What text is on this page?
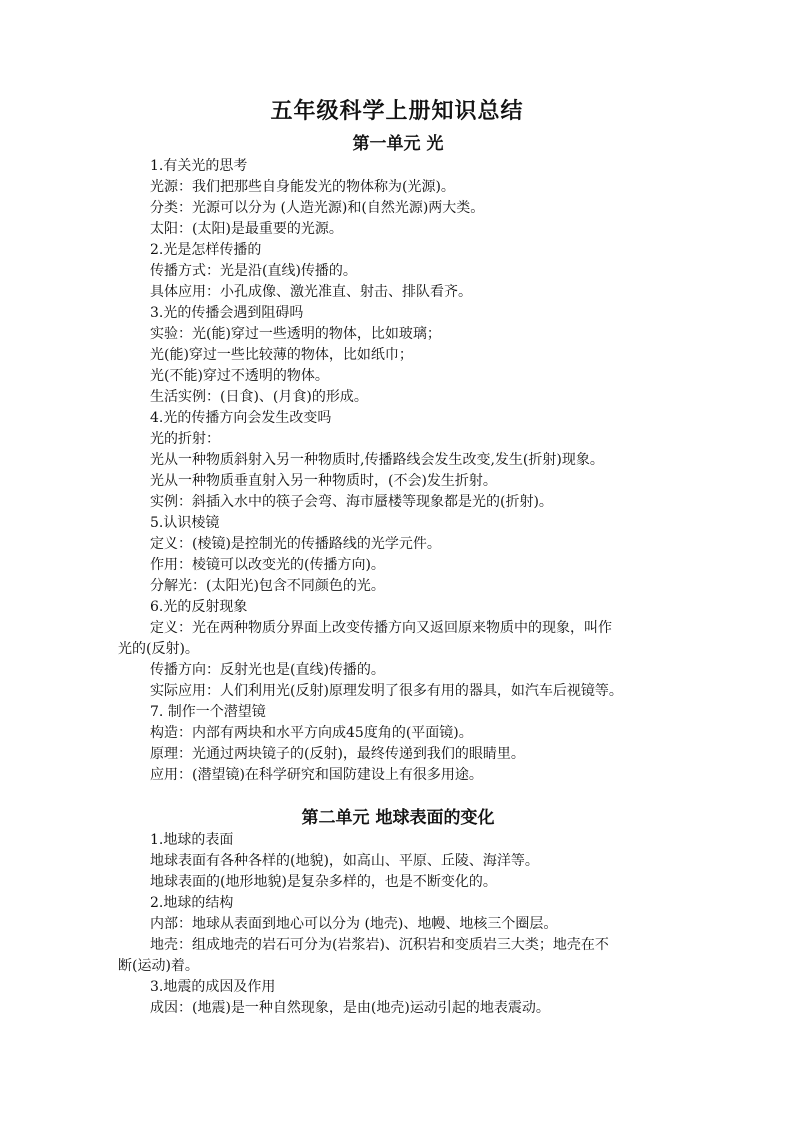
五年级科学上册知识总结
第一单元 光
1.有关光的思考
光源：我们把那些自身能发光的物体称为(光源)。
分类：光源可以分为 (人造光源)和(自然光源)两大类。
太阳：(太阳)是最重要的光源。
2.光是怎样传播的
传播方式：光是沿(直线)传播的。
具体应用：小孔成像、激光准直、射击、排队看齐。
3.光的传播会遇到阻碍吗
实验：光(能)穿过一些透明的物体，比如玻璃；
光(能)穿过一些比较薄的物体，比如纸巾；
光(不能)穿过不透明的物体。
生活实例：(日食)、(月食)的形成。
4.光的传播方向会发生改变吗
光的折射：
光从一种物质斜射入另一种物质时,传播路线会发生改变,发生(折射)现象。
光从一种物质垂直射入另一种物质时，(不会)发生折射。
实例：斜插入水中的筷子会弯、海市蜃楼等现象都是光的(折射)。
5.认识棱镜
定义：(棱镜)是控制光的传播路线的光学元件。
作用：棱镜可以改变光的(传播方向)。
分解光：(太阳光)包含不同颜色的光。
6.光的反射现象
定义：光在两种物质分界面上改变传播方向又返回原来物质中的现象，叫作
光的(反射)。
传播方向：反射光也是(直线)传播的。
实际应用：人们利用光(反射)原理发明了很多有用的器具，如汽车后视镜等。
7. 制作一个潜望镜
构造：内部有两块和水平方向成45度角的(平面镜)。
原理：光通过两块镜子的(反射)，最终传递到我们的眼睛里。
应用：(潜望镜)在科学研究和国防建设上有很多用途。
第二单元 地球表面的变化
1.地球的表面
地球表面有各种各样的(地貌)，如高山、平原、丘陵、海洋等。
地球表面的(地形地貌)是复杂多样的，也是不断变化的。
2.地球的结构
内部：地球从表面到地心可以分为 (地壳)、地幔、地核三个圈层。
地壳：组成地壳的岩石可分为(岩浆岩)、沉积岩和变质岩三大类；地壳在不
断(运动)着。
3.地震的成因及作用
成因：(地震)是一种自然现象，是由(地壳)运动引起的地表震动。
